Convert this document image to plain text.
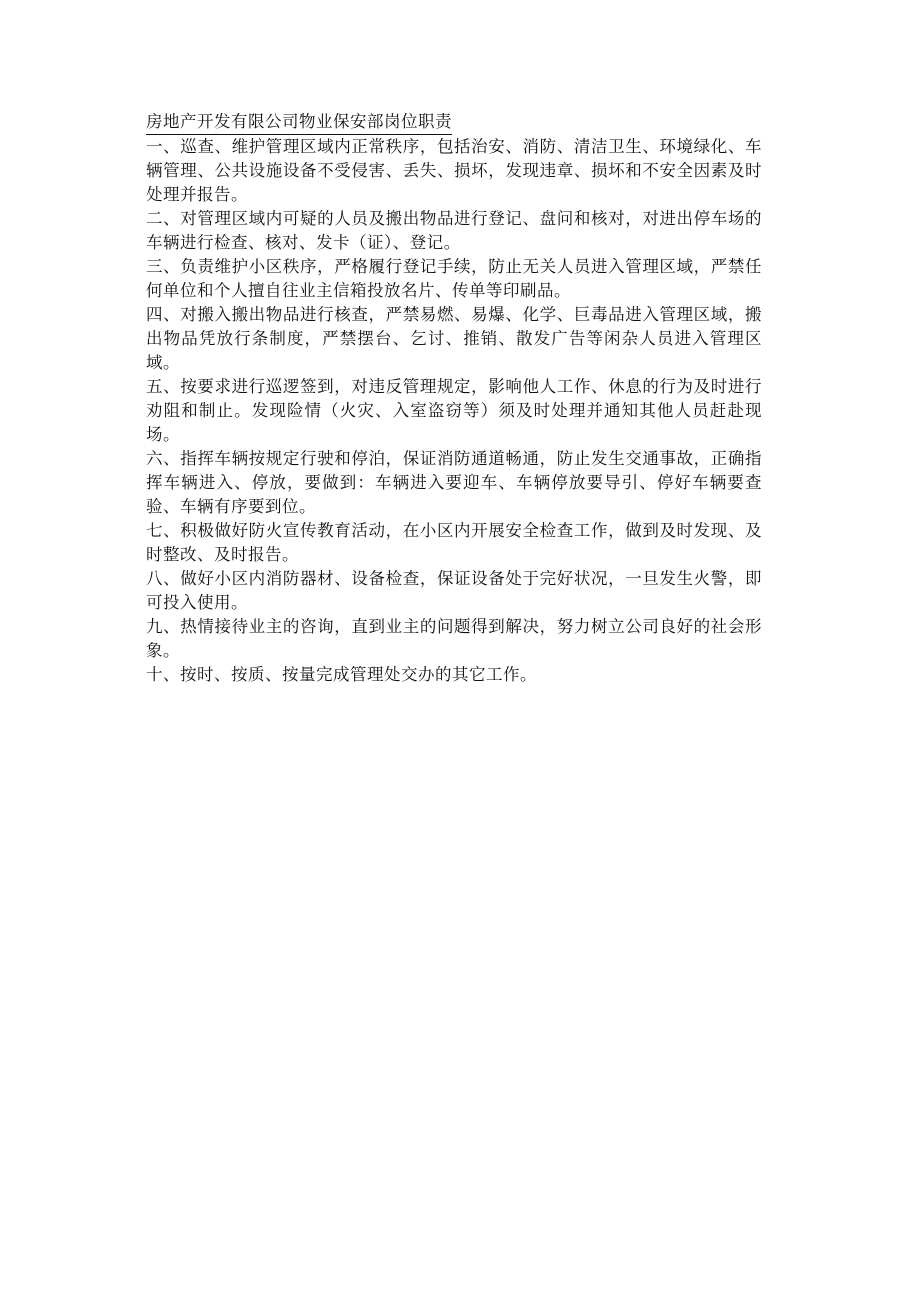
房地产开发有限公司物业保安部岗位职责

一、巡查、维护管理区域内正常秩序，包括治安、消防、清洁卫生、环境绿化、车辆管理、公共设施设备不受侵害、丢失、损坏，发现违章、损坏和不安全因素及时处理并报告。

二、对管理区域内可疑的人员及搬出物品进行登记、盘问和核对，对进出停车场的车辆进行检查、核对、发卡（证）、登记。

三、负责维护小区秩序，严格履行登记手续，防止无关人员进入管理区域，严禁任何单位和个人擅自往业主信箱投放名片、传单等印刷品。

四、对搬入搬出物品进行核查，严禁易燃、易爆、化学、巨毒品进入管理区域，搬出物品凭放行条制度，严禁摆台、乞讨、推销、散发广告等闲杂人员进入管理区域。

五、按要求进行巡逻签到，对违反管理规定，影响他人工作、休息的行为及时进行劝阻和制止。发现险情（火灾、入室盗窃等）须及时处理并通知其他人员赶赴现场。

六、指挥车辆按规定行驶和停泊，保证消防通道畅通，防止发生交通事故，正确指挥车辆进入、停放，要做到：车辆进入要迎车、车辆停放要导引、停好车辆要查验、车辆有序要到位。

七、积极做好防火宣传教育活动，在小区内开展安全检查工作，做到及时发现、及时整改、及时报告。

八、做好小区内消防器材、设备检查，保证设备处于完好状况，一旦发生火警，即可投入使用。

九、热情接待业主的咨询，直到业主的问题得到解决，努力树立公司良好的社会形象。

十、按时、按质、按量完成管理处交办的其它工作。
